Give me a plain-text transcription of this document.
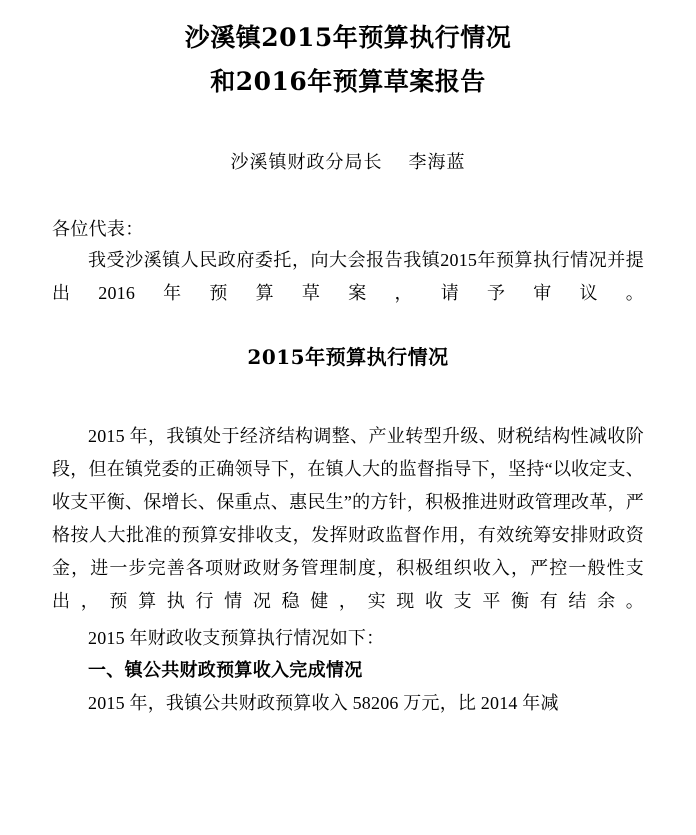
沙溪镇2015年预算执行情况
和2016年预算草案报告
沙溪镇财政分局长 李海蓝
各位代表：

我受沙溪镇人民政府委托，向大会报告我镇2015年预算执行情况并提出2016年预算草案，请予审议。

2015年预算执行情况

2015 年，我镇处于经济结构调整、产业转型升级、财税结构性减收阶段，但在镇党委的正确领导下，在镇人大的监督指导下，坚持“以收定支、收支平衡、保增长、保重点、惠民生”的方针，积极推进财政管理改革，严格按人大批准的预算安排收支，发挥财政监督作用，有效统筹安排财政资金，进一步完善各项财政财务管理制度，积极组织收入，严控一般性支出，预算执行情况稳健，实现收支平衡有结余。

2015 年财政收支预算执行情况如下：

一、镇公共财政预算收入完成情况

2015 年，我镇公共财政预算收入 58206 万元，比 2014 年减
